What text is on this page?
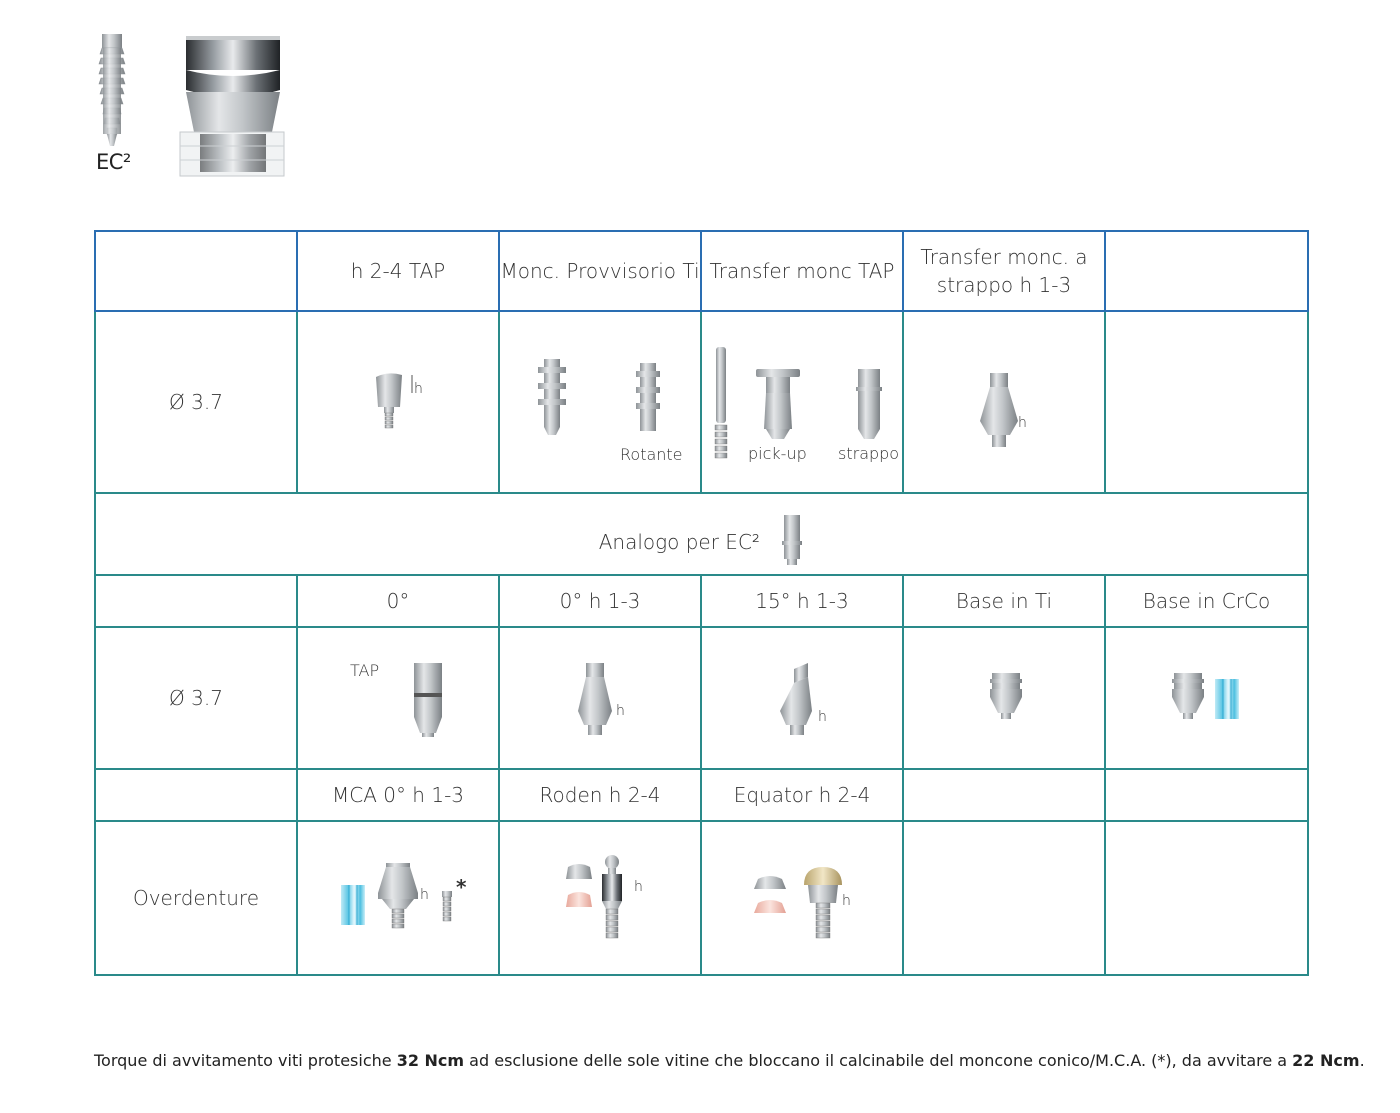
EC²
	h 2-4 TAP	Monc. Provvisorio Ti	Transfer monc TAP	Transfer monc. a strappo h 1-3	
Ø 3.7	h	Rotante	pick-up strappo	h	

Analogo per EC²					
	0°	0° h 1-3	15° h 1-3	Base in Ti	Base in CrCo
Ø 3.7	TAP	h	h

	MCA 0° h 1-3	Roden h 2-4	Equator h 2-4		
Overdenture	h *	h	h		

Torque di avvitamento viti protesiche 32 Ncm ad esclusione delle sole vitine che bloccano il calcinabile del moncone conico/M.C.A. (*), da avvitare a 22 Ncm.
